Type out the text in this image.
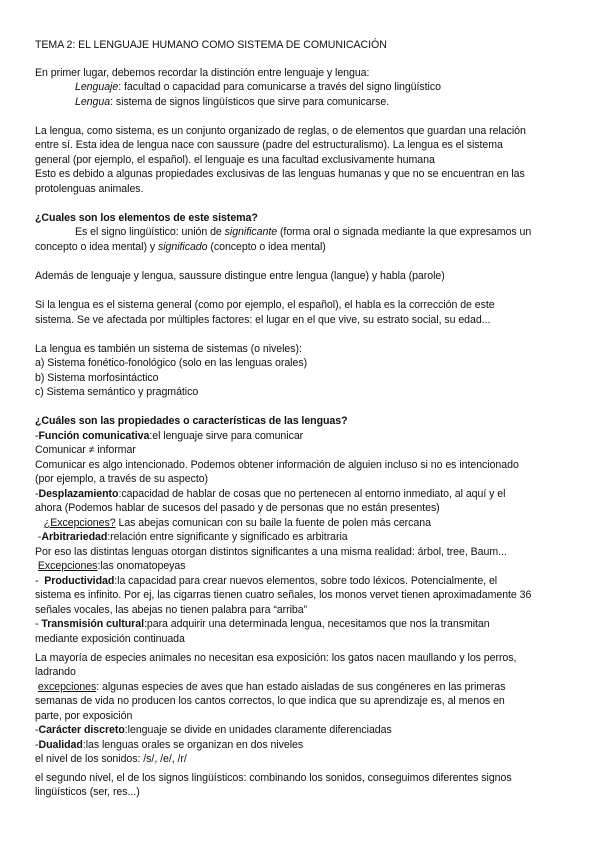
TEMA 2: EL LENGUAJE HUMANO COMO SISTEMA DE COMUNICACIÓN
En primer lugar, debemos recordar la distinción entre lenguaje y lengua:
Lenguaje: facultad o capacidad para comunicarse a través del signo lingüístico
Lengua: sistema de signos lingüísticos que sirve para comunicarse.
La lengua, como sistema, es un conjunto organizado de reglas, o de elementos que guardan una relación
entre sí. Esta idea de lengua nace con saussure (padre del estructuralismo). La lengua es el sistema
general (por ejemplo, el español). el lenguaje es una facultad exclusivamente humana
Esto es debido a algunas propiedades exclusivas de las lenguas humanas y que no se encuentran en las
protolenguas animales.
¿Cuales son los elementos de este sistema?
Es el signo lingüístico: unión de significante (forma oral o signada mediante la que expresamos un
concepto o idea mental) y significado (concepto o idea mental)
Además de lenguaje y lengua, saussure distingue entre lengua (langue) y habla (parole)
Si la lengua es el sistema general (como por ejemplo, el español), el habla es la corrección de este
sistema. Se ve afectada por múltiples factores: el lugar en el que vive, su estrato social, su edad...
La lengua es también un sistema de sistemas (o niveles):
a) Sistema fonético-fonológico (solo en las lenguas orales)
b) Sistema morfosintáctico
c) Sistema semántico y pragmático
¿Cuáles son las propiedades o características de las lenguas?
-Función comunicativa:el lenguaje sirve para comunicar
Comunicar ≠ informar
Comunicar es algo intencionado. Podemos obtener información de alguien incluso si no es intencionado
(por ejemplo, a través de su aspecto)
-Desplazamiento:capacidad de hablar de cosas que no pertenecen al entorno inmediato, al aquí y el
ahora (Podemos hablar de sucesos del pasado y de personas que no están presentes)
¿Excepciones? Las abejas comunican con su baile la fuente de polen más cercana
-Arbitrariedad:relación entre significante y significado es arbitraria
Por eso las distintas lenguas otorgan distintos significantes a una misma realidad: árbol, tree, Baum...
Excepciones:las onomatopeyas
-  Productividad:la capacidad para crear nuevos elementos, sobre todo léxicos. Potencialmente, el
sistema es infinito. Por ej, las cigarras tienen cuatro señales, los monos vervet tienen aproximadamente 36
señales vocales, las abejas no tienen palabra para “arriba”
- Transmisión cultural:para adquirir una determinada lengua, necesitamos que nos la transmitan
mediante exposición continuada
La mayoría de especies animales no necesitan esa exposición: los gatos nacen maullando y los perros,
ladrando
excepciones: algunas especies de aves que han estado aisladas de sus congéneres en las primeras
semanas de vida no producen los cantos correctos, lo que indica que su aprendizaje es, al menos en
parte, por exposición
-Carácter discreto:lenguaje se divide en unidades claramente diferenciadas
-Dualidad:las lenguas orales se organizan en dos niveles
el nivel de los sonidos: /s/, /e/, /r/
el segundo nivel, el de los signos lingüísticos: combinando los sonidos, conseguimos diferentes signos
lingüísticos (ser, res...)
